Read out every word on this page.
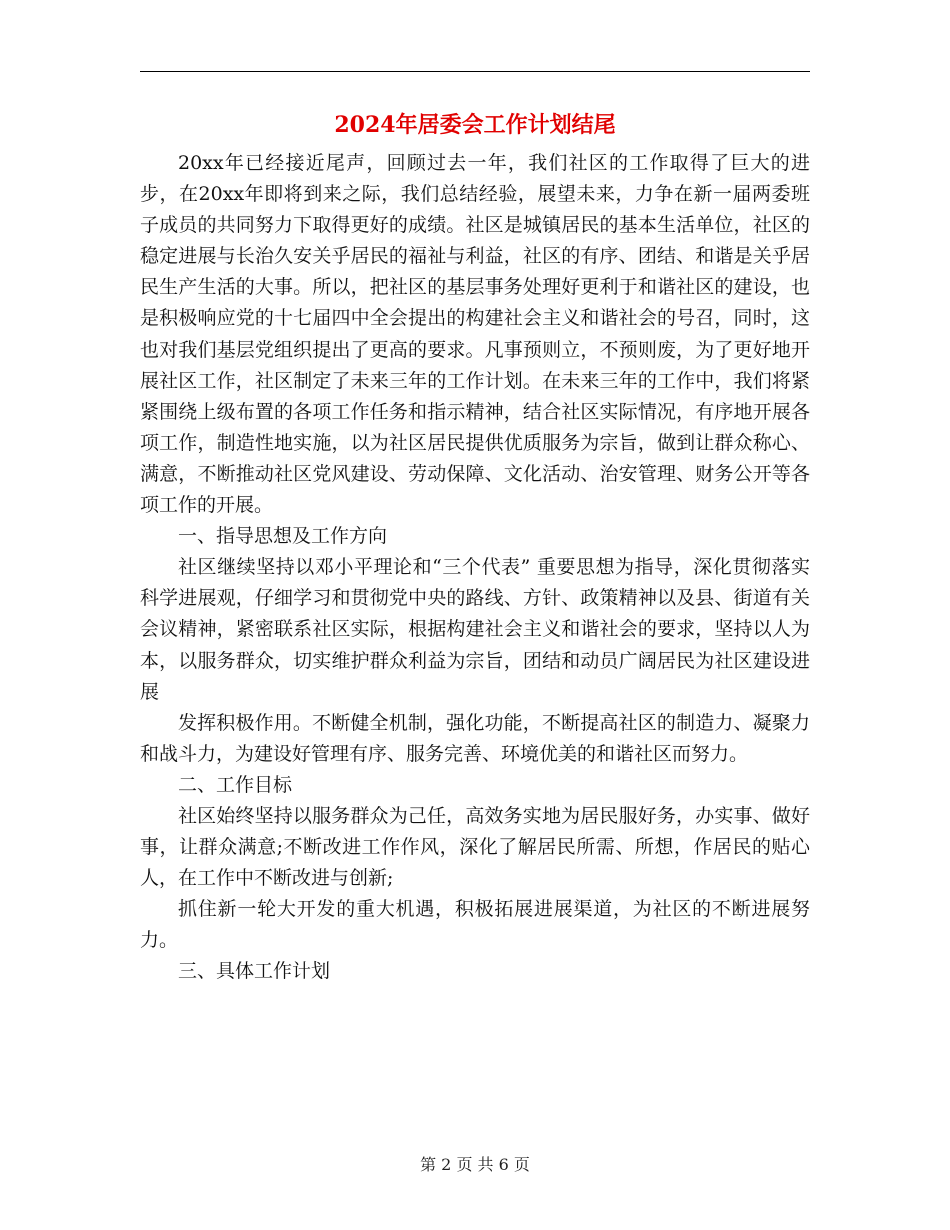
2024年居委会工作计划结尾

20xx年已经接近尾声，回顾过去一年，我们社区的工作取得了巨大的进步，在20xx年即将到来之际，我们总结经验，展望未来，力争在新一届两委班子成员的共同努力下取得更好的成绩。社区是城镇居民的基本生活单位，社区的稳定进展与长治久安关乎居民的福祉与利益，社区的有序、团结、和谐是关乎居民生产生活的大事。所以，把社区的基层事务处理好更利于和谐社区的建设，也是积极响应党的十七届四中全会提出的构建社会主义和谐社会的号召，同时，这也对我们基层党组织提出了更高的要求。凡事预则立，不预则废，为了更好地开展社区工作，社区制定了未来三年的工作计划。在未来三年的工作中，我们将紧紧围绕上级布置的各项工作任务和指示精神，结合社区实际情况，有序地开展各项工作，制造性地实施，以为社区居民提供优质服务为宗旨，做到让群众称心、满意，不断推动社区党风建设、劳动保障、文化活动、治安管理、财务公开等各项工作的开展。

一、指导思想及工作方向

社区继续坚持以邓小平理论和“三个代表” 重要思想为指导，深化贯彻落实科学进展观，仔细学习和贯彻党中央的路线、方针、政策精神以及县、街道有关会议精神，紧密联系社区实际，根据构建社会主义和谐社会的要求，坚持以人为本，以服务群众，切实维护群众利益为宗旨，团结和动员广阔居民为社区建设进展

发挥积极作用。不断健全机制，强化功能，不断提高社区的制造力、凝聚力和战斗力，为建设好管理有序、服务完善、环境优美的和谐社区而努力。

二、工作目标

社区始终坚持以服务群众为己任，高效务实地为居民服好务，办实事、做好事，让群众满意;不断改进工作作风，深化了解居民所需、所想，作居民的贴心人，在工作中不断改进与创新;

抓住新一轮大开发的重大机遇，积极拓展进展渠道，为社区的不断进展努力。

三、具体工作计划

第 2 页 共 6 页
